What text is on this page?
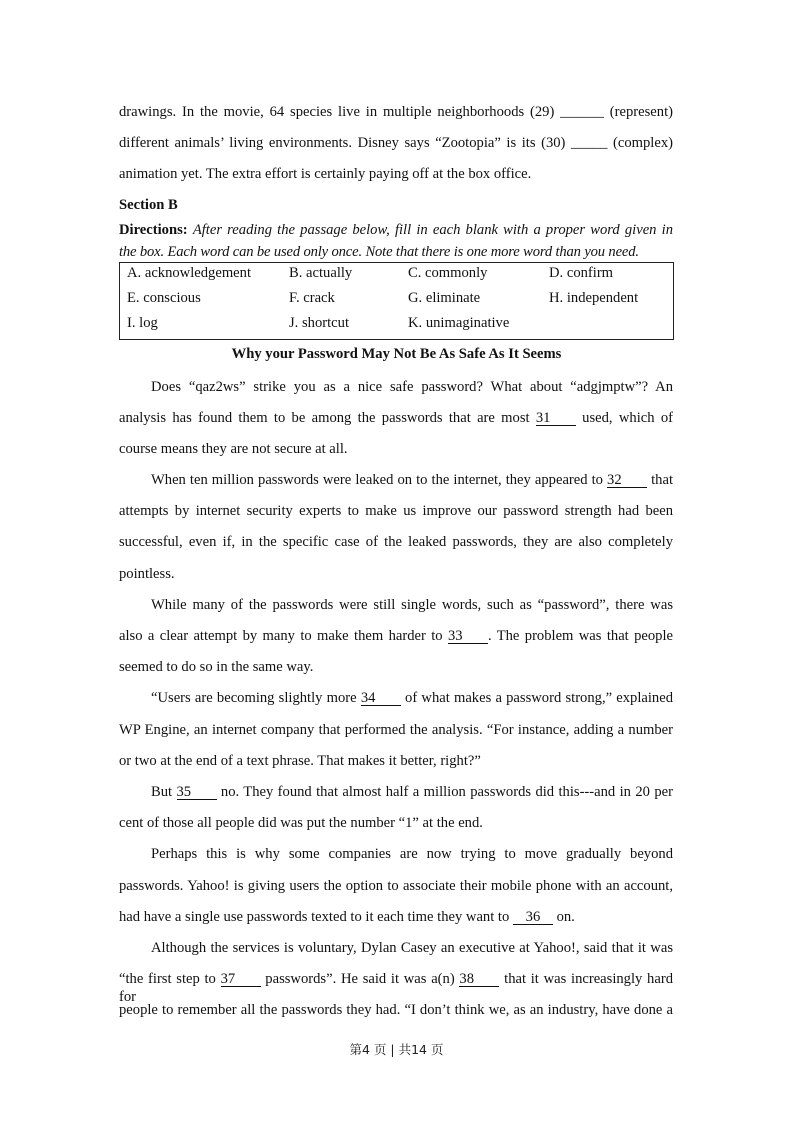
drawings. In the movie, 64 species live in multiple neighborhoods (29) ______ (represent)
different animals’ living environments. Disney says “Zootopia” is its (30) _____ (complex)
animation yet. The extra effort is certainly paying off at the box office.
Section B
Directions: After reading the passage below, fill in each blank with a proper word given in
the box. Each word can be used only once. Note that there is one more word than you need.
A. acknowledgement	B. actually	C. commonly	D. confirm
E. conscious	F. crack	G. eliminate	H. independent
I. log	J. shortcut	K. unimaginative
Why your Password May Not Be As Safe As It Seems
Does “qaz2ws” strike you as a nice safe password? What about “adgjmptw”? An
analysis has found them to be among the passwords that are most 31 used, which of
course means they are not secure at all.
When ten million passwords were leaked on to the internet, they appeared to 32 that
attempts by internet security experts to make us improve our password strength had been
successful, even if, in the specific case of the leaked passwords, they are also completely
pointless.
While many of the passwords were still single words, such as “password”, there was
also a clear attempt by many to make them harder to 33 . The problem was that people
seemed to do so in the same way.
“Users are becoming slightly more 34 of what makes a password strong,” explained
WP Engine, an internet company that performed the analysis. “For instance, adding a number
or two at the end of a text phrase. That makes it better, right?”
But 35 no. They found that almost half a million passwords did this---and in 20 per
cent of those all people did was put the number “1” at the end.
Perhaps this is why some companies are now trying to move gradually beyond
passwords. Yahoo! is giving users the option to associate their mobile phone with an account,
had have a single use passwords texted to it each time they want to 36 on.
Although the services is voluntary, Dylan Casey an executive at Yahoo!, said that it was
“the first step to 37 passwords”. He said it was a(n) 38 that it was increasingly hard for
people to remember all the passwords they had. “I don’t think we, as an industry, have done a
第4 页 | 共14 页
